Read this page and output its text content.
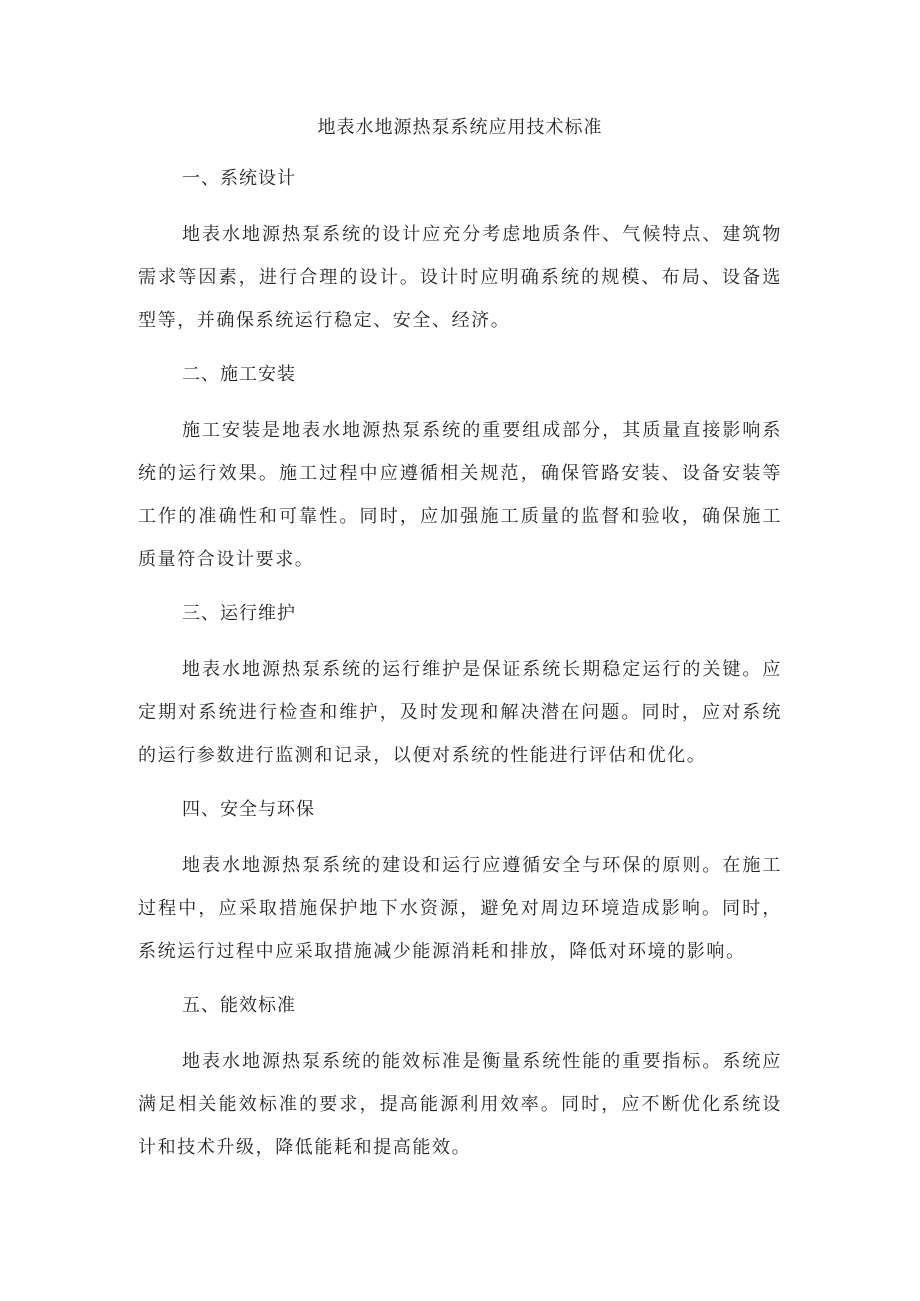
地表水地源热泵系统应用技术标准
一、系统设计

地表水地源热泵系统的设计应充分考虑地质条件、气候特点、建筑物需求等因素，进行合理的设计。设计时应明确系统的规模、布局、设备选型等，并确保系统运行稳定、安全、经济。

二、施工安装

施工安装是地表水地源热泵系统的重要组成部分，其质量直接影响系统的运行效果。施工过程中应遵循相关规范，确保管路安装、设备安装等工作的准确性和可靠性。同时，应加强施工质量的监督和验收，确保施工质量符合设计要求。

三、运行维护

地表水地源热泵系统的运行维护是保证系统长期稳定运行的关键。应定期对系统进行检查和维护，及时发现和解决潜在问题。同时，应对系统的运行参数进行监测和记录，以便对系统的性能进行评估和优化。

四、安全与环保

地表水地源热泵系统的建设和运行应遵循安全与环保的原则。在施工过程中，应采取措施保护地下水资源，避免对周边环境造成影响。同时，系统运行过程中应采取措施减少能源消耗和排放，降低对环境的影响。

五、能效标准

地表水地源热泵系统的能效标准是衡量系统性能的重要指标。系统应满足相关能效标准的要求，提高能源利用效率。同时，应不断优化系统设计和技术升级，降低能耗和提高能效。
